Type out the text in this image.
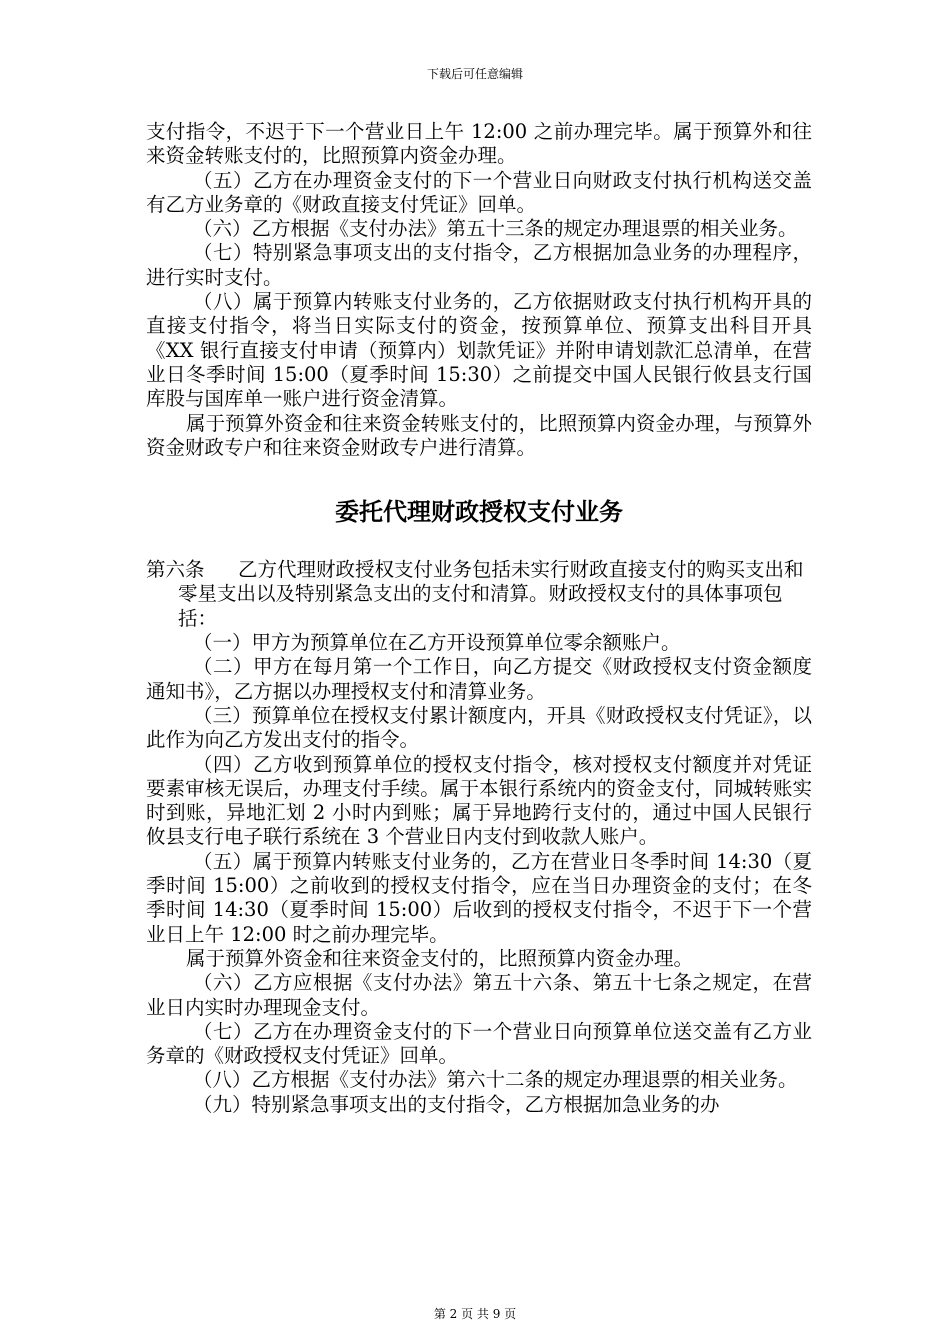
下载后可任意编辑

支付指令，不迟于下一个营业日上午 12:00 之前办理完毕。属于预算外和往来资金转账支付的，比照预算内资金办理。

（五）乙方在办理资金支付的下一个营业日向财政支付执行机构送交盖有乙方业务章的《财政直接支付凭证》回单。

（六）乙方根据《支付办法》第五十三条的规定办理退票的相关业务。

（七）特别紧急事项支出的支付指令，乙方根据加急业务的办理程序，进行实时支付。

（八）属于预算内转账支付业务的，乙方依据财政支付执行机构开具的直接支付指令，将当日实际支付的资金，按预算单位、预算支出科目开具《XX 银行直接支付申请（预算内）划款凭证》并附申请划款汇总清单，在营业日冬季时间 15:00（夏季时间 15:30）之前提交中国人民银行攸县支行国库股与国库单一账户进行资金清算。

属于预算外资金和往来资金转账支付的，比照预算内资金办理，与预算外资金财政专户和往来资金财政专户进行清算。

委托代理财政授权支付业务

第六条 乙方代理财政授权支付业务包括未实行财政直接支付的购买支出和零星支出以及特别紧急支出的支付和清算。财政授权支付的具体事项包括：

（一）甲方为预算单位在乙方开设预算单位零余额账户。

（二）甲方在每月第一个工作日，向乙方提交《财政授权支付资金额度通知书》，乙方据以办理授权支付和清算业务。

（三）预算单位在授权支付累计额度内，开具《财政授权支付凭证》，以此作为向乙方发出支付的指令。

（四）乙方收到预算单位的授权支付指令，核对授权支付额度并对凭证要素审核无误后，办理支付手续。属于本银行系统内的资金支付，同城转账实时到账，异地汇划 2 小时内到账；属于异地跨行支付的，通过中国人民银行攸县支行电子联行系统在 3 个营业日内支付到收款人账户。

（五）属于预算内转账支付业务的，乙方在营业日冬季时间 14:30（夏季时间 15:00）之前收到的授权支付指令，应在当日办理资金的支付；在冬季时间 14:30（夏季时间 15:00）后收到的授权支付指令，不迟于下一个营业日上午 12:00 时之前办理完毕。

属于预算外资金和往来资金支付的，比照预算内资金办理。

（六）乙方应根据《支付办法》第五十六条、第五十七条之规定，在营业日内实时办理现金支付。

（七）乙方在办理资金支付的下一个营业日向预算单位送交盖有乙方业务章的《财政授权支付凭证》回单。

（八）乙方根据《支付办法》第六十二条的规定办理退票的相关业务。

（九）特别紧急事项支出的支付指令，乙方根据加急业务的办

第 2 页 共 9 页
